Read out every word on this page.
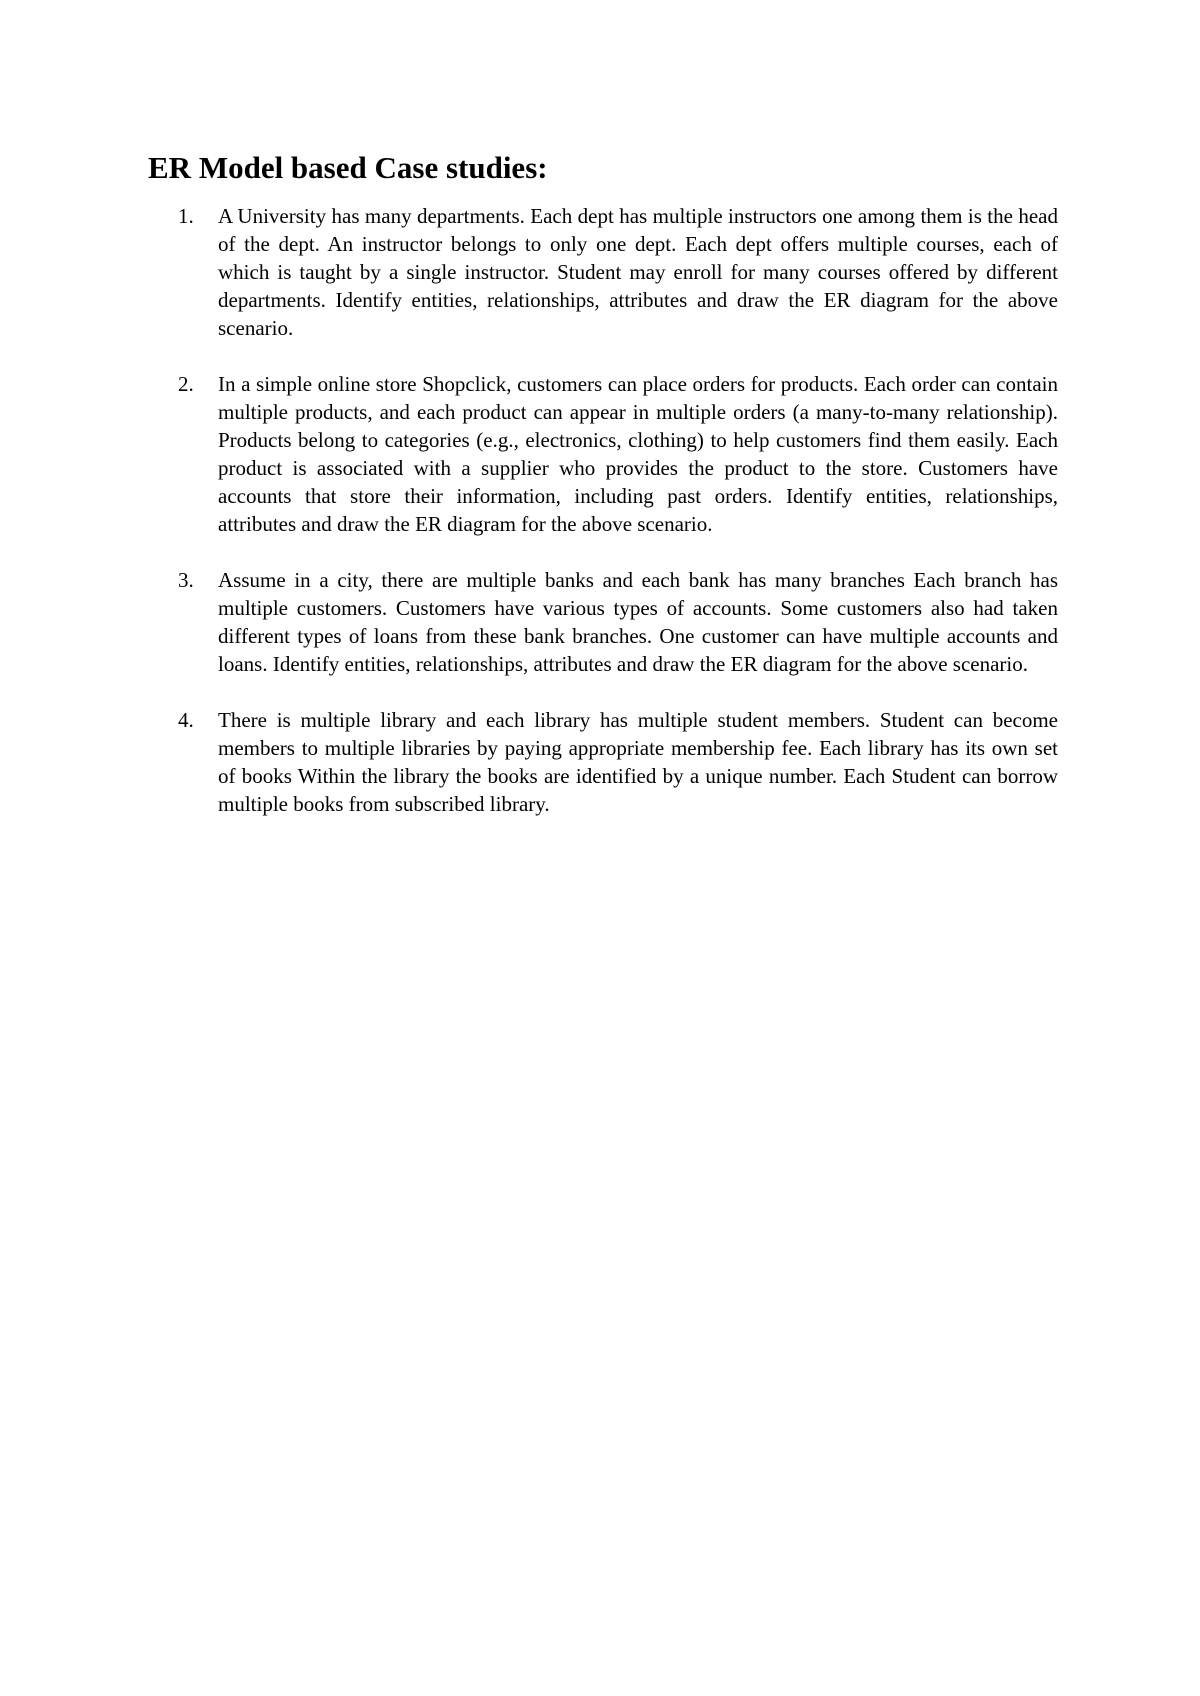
ER Model based Case studies:
1. A University has many departments. Each dept has multiple instructors one among them is the head of the dept. An instructor belongs to only one dept. Each dept offers multiple courses, each of which is taught by a single instructor. Student may enroll for many courses offered by different departments. Identify entities, relationships, attributes and draw the ER diagram for the above scenario.
2. In a simple online store Shopclick, customers can place orders for products. Each order can contain multiple products, and each product can appear in multiple orders (a many-to-many relationship). Products belong to categories (e.g., electronics, clothing) to help customers find them easily. Each product is associated with a supplier who provides the product to the store. Customers have accounts that store their information, including past orders. Identify entities, relationships, attributes and draw the ER diagram for the above scenario.
3. Assume in a city, there are multiple banks and each bank has many branches Each branch has multiple customers. Customers have various types of accounts. Some customers also had taken different types of loans from these bank branches. One customer can have multiple accounts and loans. Identify entities, relationships, attributes and draw the ER diagram for the above scenario.
4. There is multiple library and each library has multiple student members. Student can become members to multiple libraries by paying appropriate membership fee. Each library has its own set of books Within the library the books are identified by a unique number. Each Student can borrow multiple books from subscribed library.
